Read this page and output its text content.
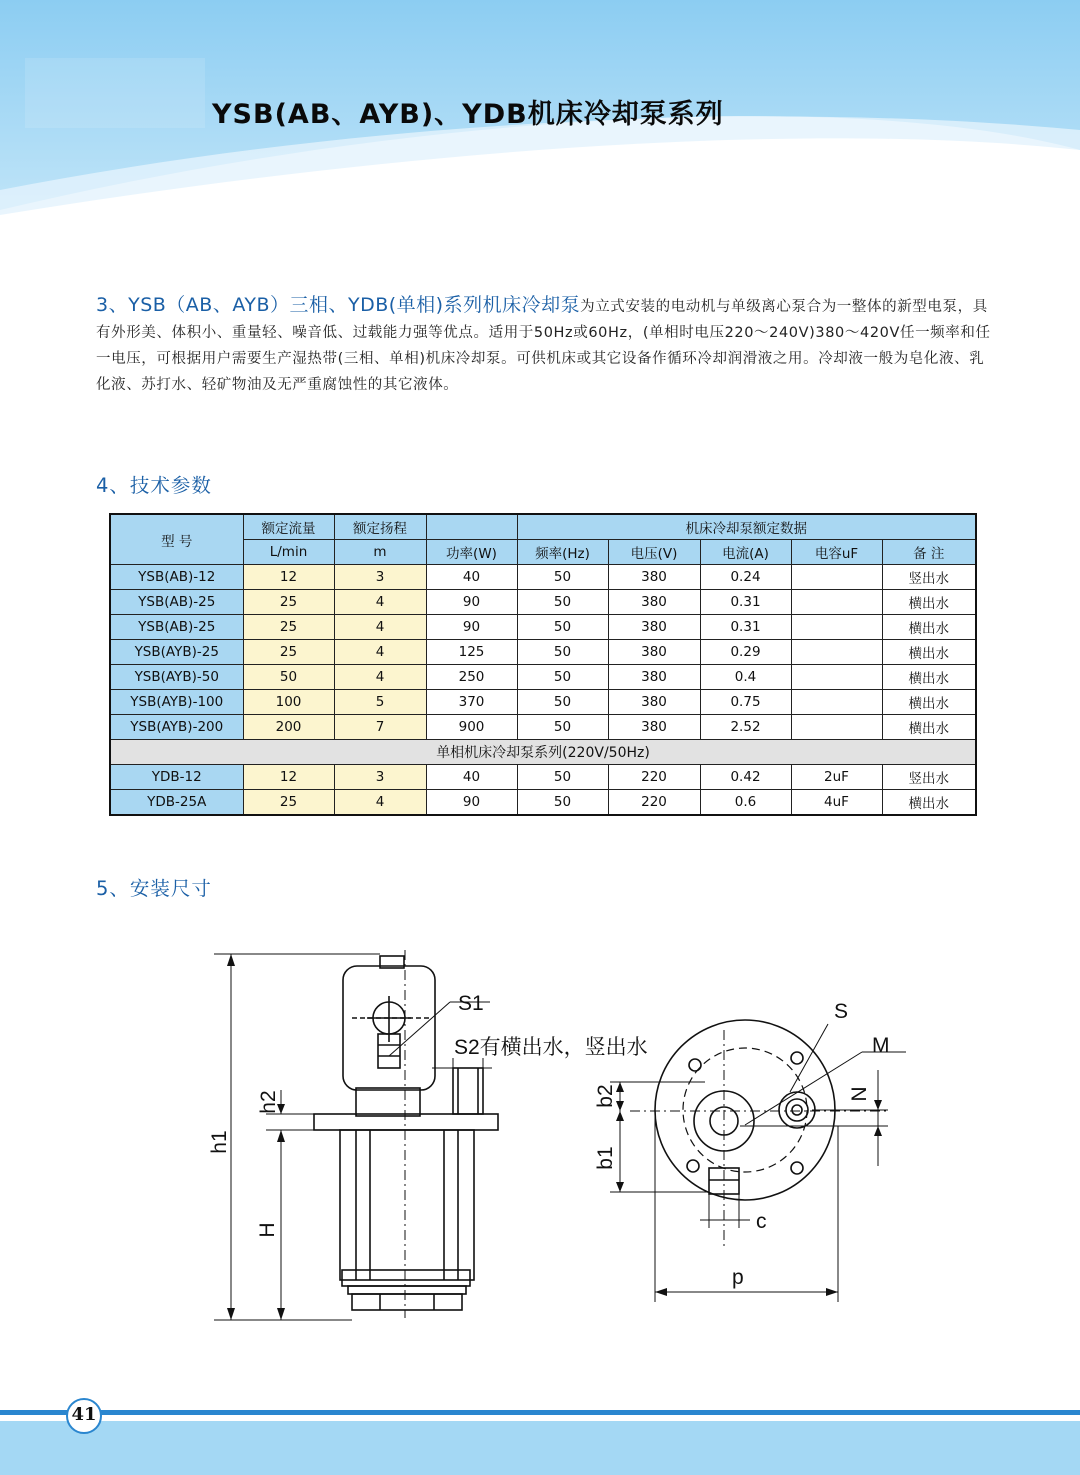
YSB(AB、AYB)、YDB机床冷却泵系列
3、YSB（AB、AYB）三相、YDB(单相)系列机床冷却泵为立式安装的电动机与单级离心泵合为一整体的新型电泵，具有外形美、体积小、重量轻、噪音低、过载能力强等优点。适用于50Hz或60Hz，(单相时电压220～240V)380～420V任一频率和任一电压，可根据用户需要生产湿热带(三相、单相)机床冷却泵。可供机床或其它设备作循环冷却润滑液之用。冷却液一般为皂化液、乳化液、苏打水、轻矿物油及无严重腐蚀性的其它液体。
4、技术参数
型 号	额定流量	额定扬程		机床冷却泵额定数据				
	L/min	m	功率(W)	频率(Hz)	电压(V)	电流(A)	电容uF	备 注
YSB(AB)-12	12	3	40	50	380	0.24		竖出水
YSB(AB)-25	25	4	90	50	380	0.31		横出水
YSB(AB)-25	25	4	90	50	380	0.31		横出水
YSB(AYB)-25	25	4	125	50	380	0.29		横出水
YSB(AYB)-50	50	4	250	50	380	0.4		横出水
YSB(AYB)-100	100	5	370	50	380	0.75		横出水
YSB(AYB)-200	200	7	900	50	380	2.52		横出水
单相机床冷却泵系列(220V/50Hz)								
YDB-12	12	3	40	50	220	0.42	2uF	竖出水
YDB-25A	25	4	90	50	220	0.6	4uF	横出水
5、安装尺寸
h1
h2
H
S1
S2有横出水，竖出水
S
M
N
b2
b1
c
p
41
